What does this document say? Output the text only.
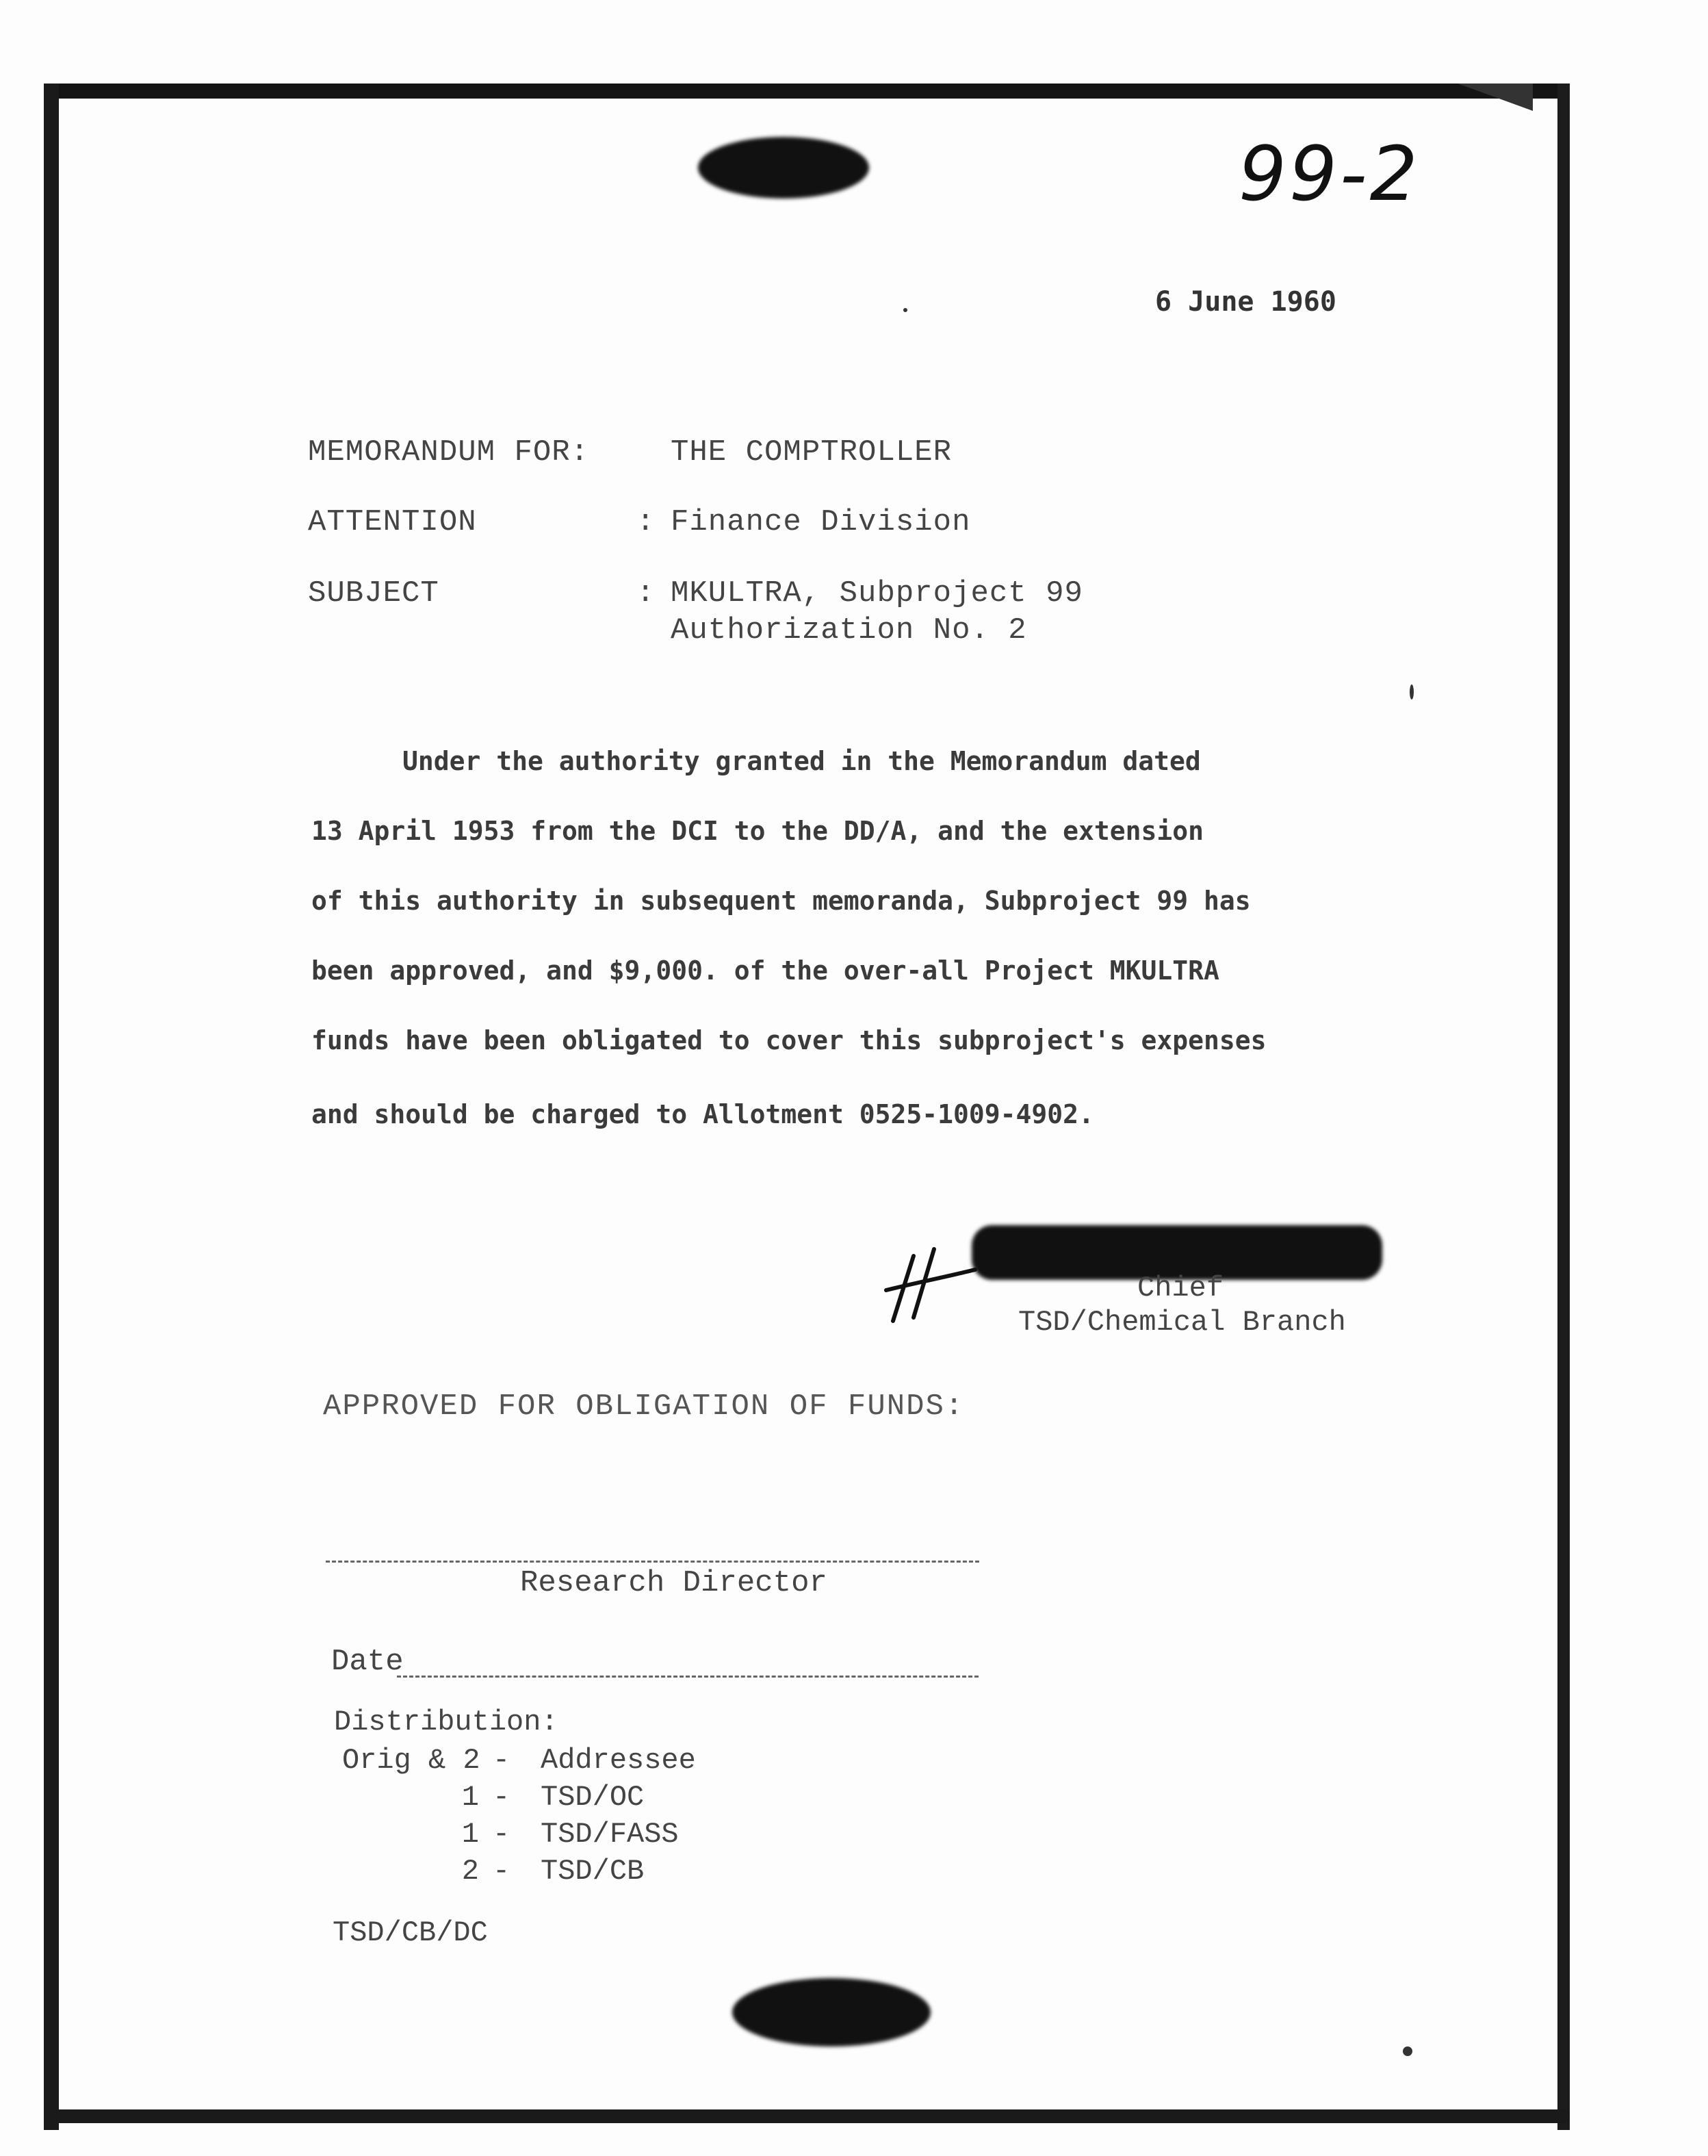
99-2
6 June 1960
MEMORANDUM FOR:	THE COMPTROLLER
ATTENTION	: Finance Division
SUBJECT	: MKULTRA, Subproject 99
Authorization No. 2
Under the authority granted in the Memorandum dated
13 April 1953 from the DCI to the DD/A, and the extension
of this authority in subsequent memoranda, Subproject 99 has
been approved, and $9,000. of the over-all Project MKULTRA
funds have been obligated to cover this subproject's expenses
and should be charged to Allotment 0525-1009-4902.
Chief
TSD/Chemical Branch
APPROVED FOR OBLIGATION OF FUNDS:
Research Director
Date
Distribution:
Orig & 2 - Addressee
1 - TSD/OC
1 - TSD/FASS
2 - TSD/CB
TSD/CB/DC
